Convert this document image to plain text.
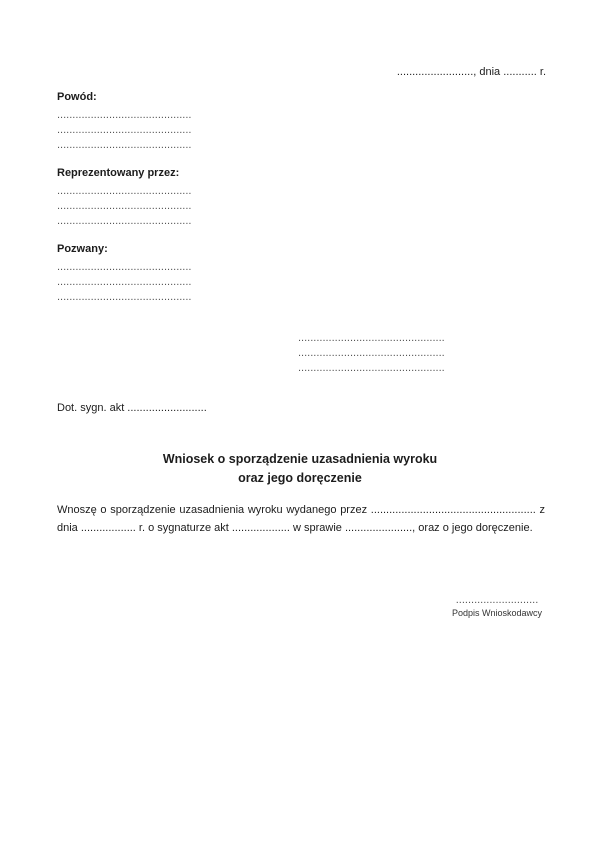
........................., dnia ........... r.
Powód:
............................................
............................................
............................................
Reprezentowany przez:
............................................
............................................
............................................
Pozwany:
............................................
............................................
............................................
................................................
................................................
................................................
Dot. sygn. akt ..........................
Wniosek o sporządzenie uzasadnienia wyroku
oraz jego doręczenie
Wnoszę o sporządzenie uzasadnienia wyroku wydanego przez ...................................................... z
dnia .................. r. o sygnaturze akt ................... w sprawie ......................, oraz o jego doręczenie.
...........................
Podpis Wnioskodawcy
